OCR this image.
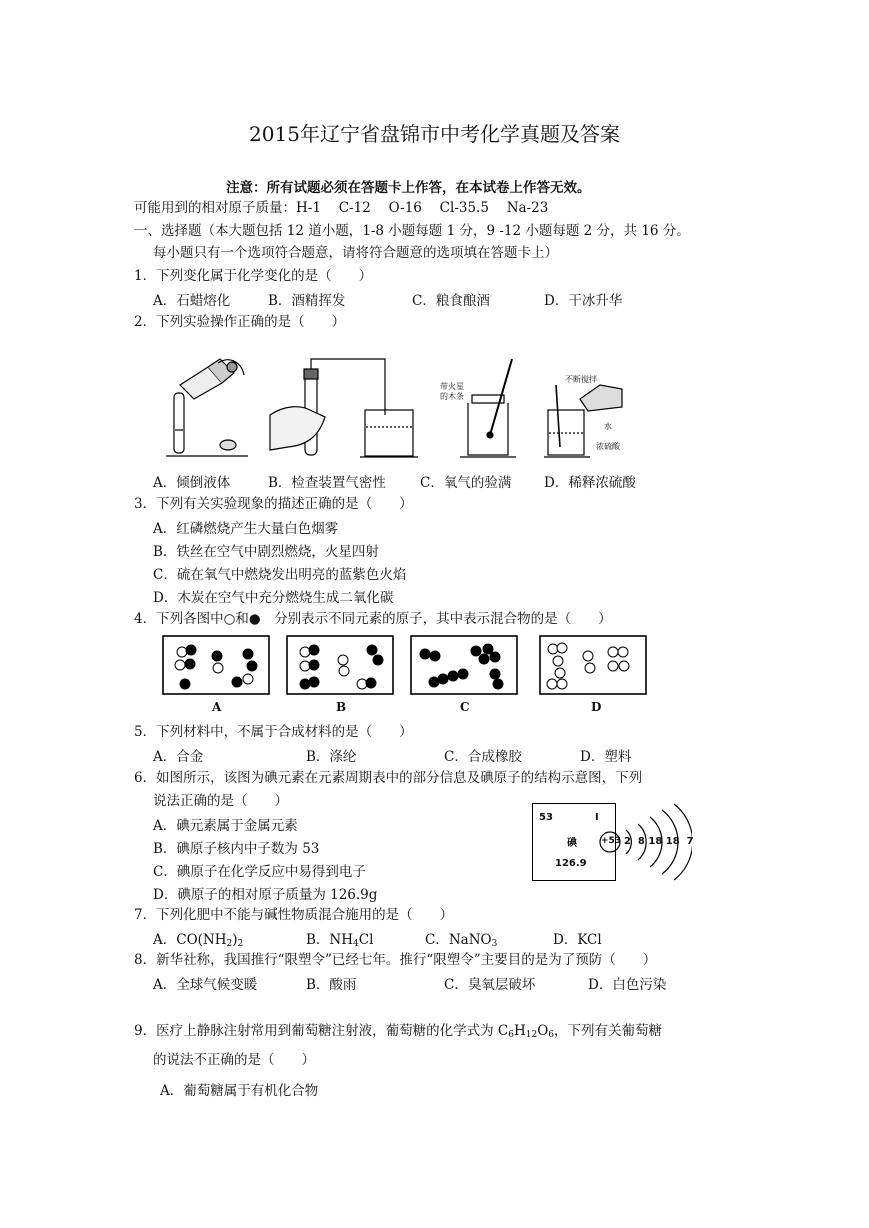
2015年辽宁省盘锦市中考化学真题及答案
注意：所有试题必须在答题卡上作答，在本试卷上作答无效。
可能用到的相对原子质量：H-1　 C-12　 O-16　 Cl-35.5　 Na-23
一、选择题（本大题包括 12 道小题，1-8 小题每题 1 分，9 -12 小题每题 2 分，共 16 分。
每小题只有一个选项符合题意，请将符合题意的选项填在答题卡上）
1．下列变化属于化学变化的是（　　）
A．石蜡熔化	B．酒精挥发	C．粮食酿酒	D．干冰升华
2．下列实验操作正确的是（　　）
带火星
的木条
不断搅拌
水
浓硫酸
A．倾倒液体	B．检查装置气密性	C．氧气的验满 D．稀释浓硫酸
3．下列有关实验现象的描述正确的是（　　）
A．红磷燃烧产生大量白色烟雾
B．铁丝在空气中剧烈燃烧，火星四射
C．硫在氧气中燃烧发出明亮的蓝紫色火焰
D．木炭在空气中充分燃烧生成二氧化碳
4．下列各图中○和●　分别表示不同元素的原子，其中表示混合物的是（　　）
A	B	C	D
5．下列材料中，不属于合成材料的是（　　）
A．合金	B．涤纶	C．合成橡胶	D．塑料
6．如图所示，该图为碘元素在元素周期表中的部分信息及碘原子的结构示意图，下列
说法正确的是（　　）
A．碘元素属于金属元素
B．碘原子核内中子数为 53
C．碘原子在化学反应中易得到电子
D．碘原子的相对原子质量为 126.9g
53	I
碘
126.9
+53 2  8 18 18  7
7．下列化肥中不能与碱性物质混合施用的是（　　）
A．$CO(NH_2)_2$	B．$NH_4Cl$	C．NaNO$_3$	D．KCl
8．新华社称，我国推行“限塑令”已经七年。推行“限塑令”主要目的是为了预防（　　）
A．全球气候变暖	B．酸雨	C．臭氧层破坏	D．白色污染
9．医疗上静脉注射常用到葡萄糖注射液，葡萄糖的化学式为 $C_6H_{12}O_6$，下列有关葡萄糖
的说法不正确的是（　　）
A．葡萄糖属于有机化合物
